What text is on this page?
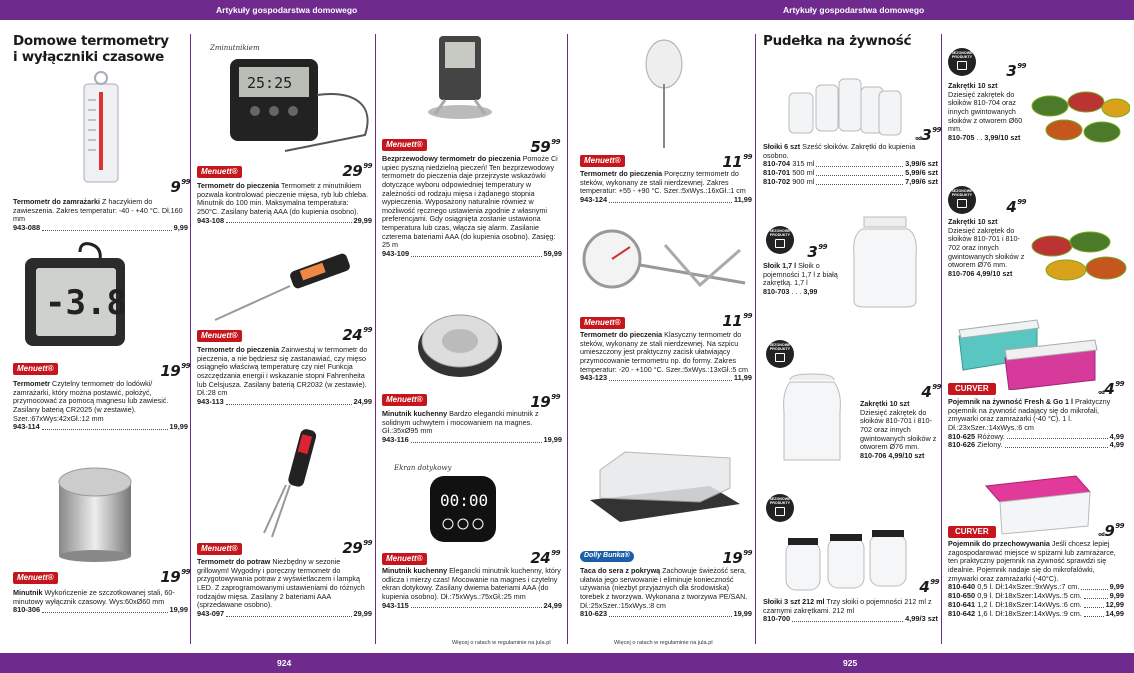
Artykuły gospodarstwa domowego	Artykuły gospodarstwa domowego
924	925
Domowe termometry
i wyłączniki czasowe
$9^{99}$
Termometr do zamrażarki Z haczykiem do zawieszenia. Zakres temperatur: -40 - +40 °C. Dł.160 mm
943-088	9,99
-3.8
Menuett®	$19^{99}$
Termometr Czytelny termometr do lodówki/ zamrażarki, który można postawić, położyć, przymocować za pomocą magnesu lub zawiesić. Zasilany baterią CR2025 (w zestawie). Szer.:67xWys:42xGł.:12 mm
943-114	19,99
Menuett®	$19^{99}$
Minutnik Wykończenie ze szczotkowanej stali, 60-minutowy wyłącznik czasowy. Wys:60xØ60 mm
810-306	19,99
Zminutnikiem
25:25
Menuett®	$29^{99}$
Termometr do pieczenia Termometr z minutnikiem pozwala kontrolować pieczenie mięsa, ryb lub chleba. Minutnik do 100 min. Maksymalna temperatura: 250°C. Zasilany baterią AAA (do kupienia osobno).
943-108	29,99
Menuett®	$24^{99}$
Termometr do pieczenia Zainwestuj w termometr do pieczenia, a nie będziesz się zastanawiać, czy mięso osiągnęło właściwą temperaturę czy nie! Funkcja oszczędzania energii i wskazanie stopni Fahrenheita lub Celsjusza. Zasilany baterią CR2032 (w zestawie). Dł.:28 cm
943-113	24,99
Menuett®	$29^{99}$
Termometr do potraw Niezbędny w sezonie grillowym! Wygodny i poręczny termometr do przygotowywania potraw z wyświetlaczem i lampką LED. Z zaprogramowanymi ustawieniami do różnych rodzajów mięsa. Zasilany 2 bateriami AAA (sprzedawane osobno).
943-097	29,99
Menuett®	$59^{99}$
Bezprzewodowy termometr do pieczenia Pomoże Ci upiec pyszną niedzielną pieczeń! Ten bezprzewodowy termometr do pieczenia daje przejrzyste wskazówki dotyczące wyboru odpowiedniej temperatury w zależności od rodzaju mięsa i żądanego stopnia wypieczenia. Wyposażony naturalnie również w możliwość ręcznego ustawienia zgodnie z własnymi preferencjami. Gdy osiągnięta zostanie ustawiona temperatura lub czas, włącza się alarm. Zasilanie czterema bateriami AAA (do kupienia osobno). Zasięg: 25 m
943-109	59,99
Menuett®	$19^{99}$
Minutnik kuchenny Bardzo elegancki minutnik z solidnym uchwytem i mocowaniem na magnes. Gł.:35xØ95 mm
943-116	19,99
Ekran dotykowy
00:00
Menuett®	$24^{99}$
Minutnik kuchenny Elegancki minutnik kuchenny, który odlicza i mierzy czas! Mocowanie na magnes i czytelny ekran dotykowy. Zasilany dwiema bateriami AAA (do kupienia osobno). Dł.:75xWys.:75xGł.:25 mm
943-115	24,99
Więcej o ratach w regulaminie na jula.pl
Menuett®	$11^{99}$
Termometr do pieczenia Poręczny termometr do steków, wykonany ze stali nierdzewnej. Zakres temperatur: +55 - +90 °C. Szer.:5xWys.:16xGł.:1 cm
943-124	11,99
Menuett®	$11^{99}$
Termometr do pieczenia Klasyczny termometr do steków, wykonany ze stali nierdzewnej. Na szpicu umieszczony jest praktyczny zacisk ułatwiający przymocowanie termometru np. do formy. Zakres temperatur: -20 - +100 °C. Szer.:5xWys.:13xGł.:5 cm
943-123	11,99
Dolly Bunka®	$19^{99}$
Taca do sera z pokrywą Zachowuje świeżość sera, ułatwia jego serwowanie i eliminuje konieczność używania (niezbyt przyjaznych dla środowiska) torebek z tworzywa. Wykonana z tworzywa PE/SAN. Dł.:25xSzer.:15xWys.:8 cm
810-623	19,99
Więcej o ratach w regulaminie na jula.pl
Pudełka na żywność
$od3^{99}$
Słoiki 6 szt Sześć słoików. Zakrętki do kupienia osobno.
810-704 315 ml	3,99/6 szt
810-701 500 ml	5,99/6 szt
810-702 900 ml	7,99/6 szt
SEZONOWE PRODUKTY
$3^{99}$
Słoik 1,7 l Słoik o pojemności 1,7 l z białą zakrętką. 1,7 l
810-703 . . . 3,99
SEZONOWE PRODUKTY
$4^{99}$
Zakrętki 10 szt
Dziesięć zakrętek do słoików 810-701 i 810-702 oraz innych gwintowanych słoików z otworem Ø76 mm.
810-706 4,99/10 szt
SEZONOWE PRODUKTY
$4^{99}$
Słoiki 3 szt 212 ml Trzy słoiki o pojemności 212 ml z czarnymi zakrętkami. 212 ml
810-700	4,99/3 szt
SEZONOWE PRODUKTY
$3^{99}$
Zakrętki 10 szt
Dziesięć zakrętek do słoików 810-704 oraz innych gwintowanych słoików z otworem Ø60 mm.
810-705 . . 3,99/10 szt
SEZONOWE PRODUKTY
$4^{99}$
Zakrętki 10 szt
Dziesięć zakrętek do słoików 810-701 i 810-702 oraz innych gwintowanych słoików z otworem Ø76 mm.
810-706 4,99/10 szt
CURVER	$od4^{99}$
Pojemnik na żywność Fresh & Go 1 l Praktyczny pojemnik na żywność nadający się do mikrofali, zmywarki oraz zamrażarki (-40 °C). 1 l. Dł.:23xSzer.:14xWys.:6 cm
810-625 Różowy.	4,99
810-626 Zielony.	4,99
CURVER	$od9^{99}$
Pojemnik do przechowywania Jeśli chcesz lepiej zagospodarować miejsce w spiżarni lub zamrażarce, ten praktyczny pojemnik na żywność sprawdzi się idealnie. Pojemnik nadaje się do mikrofalówki, zmywarki oraz zamrażarki (-40°C).
810-640 0,5 l. Dł:14xSzer.:9xWys.:7 cm.	9,99
810-650 0,9 l. Dł:18xSzer:14xWys.:5 cm.	9,99
810-641 1,2 l. Dł:18xSzer:14xWys.:6 cm.	12,99
810-642 1,6 l. Dł:18xSzer:14xWys.:9 cm.	14,99
